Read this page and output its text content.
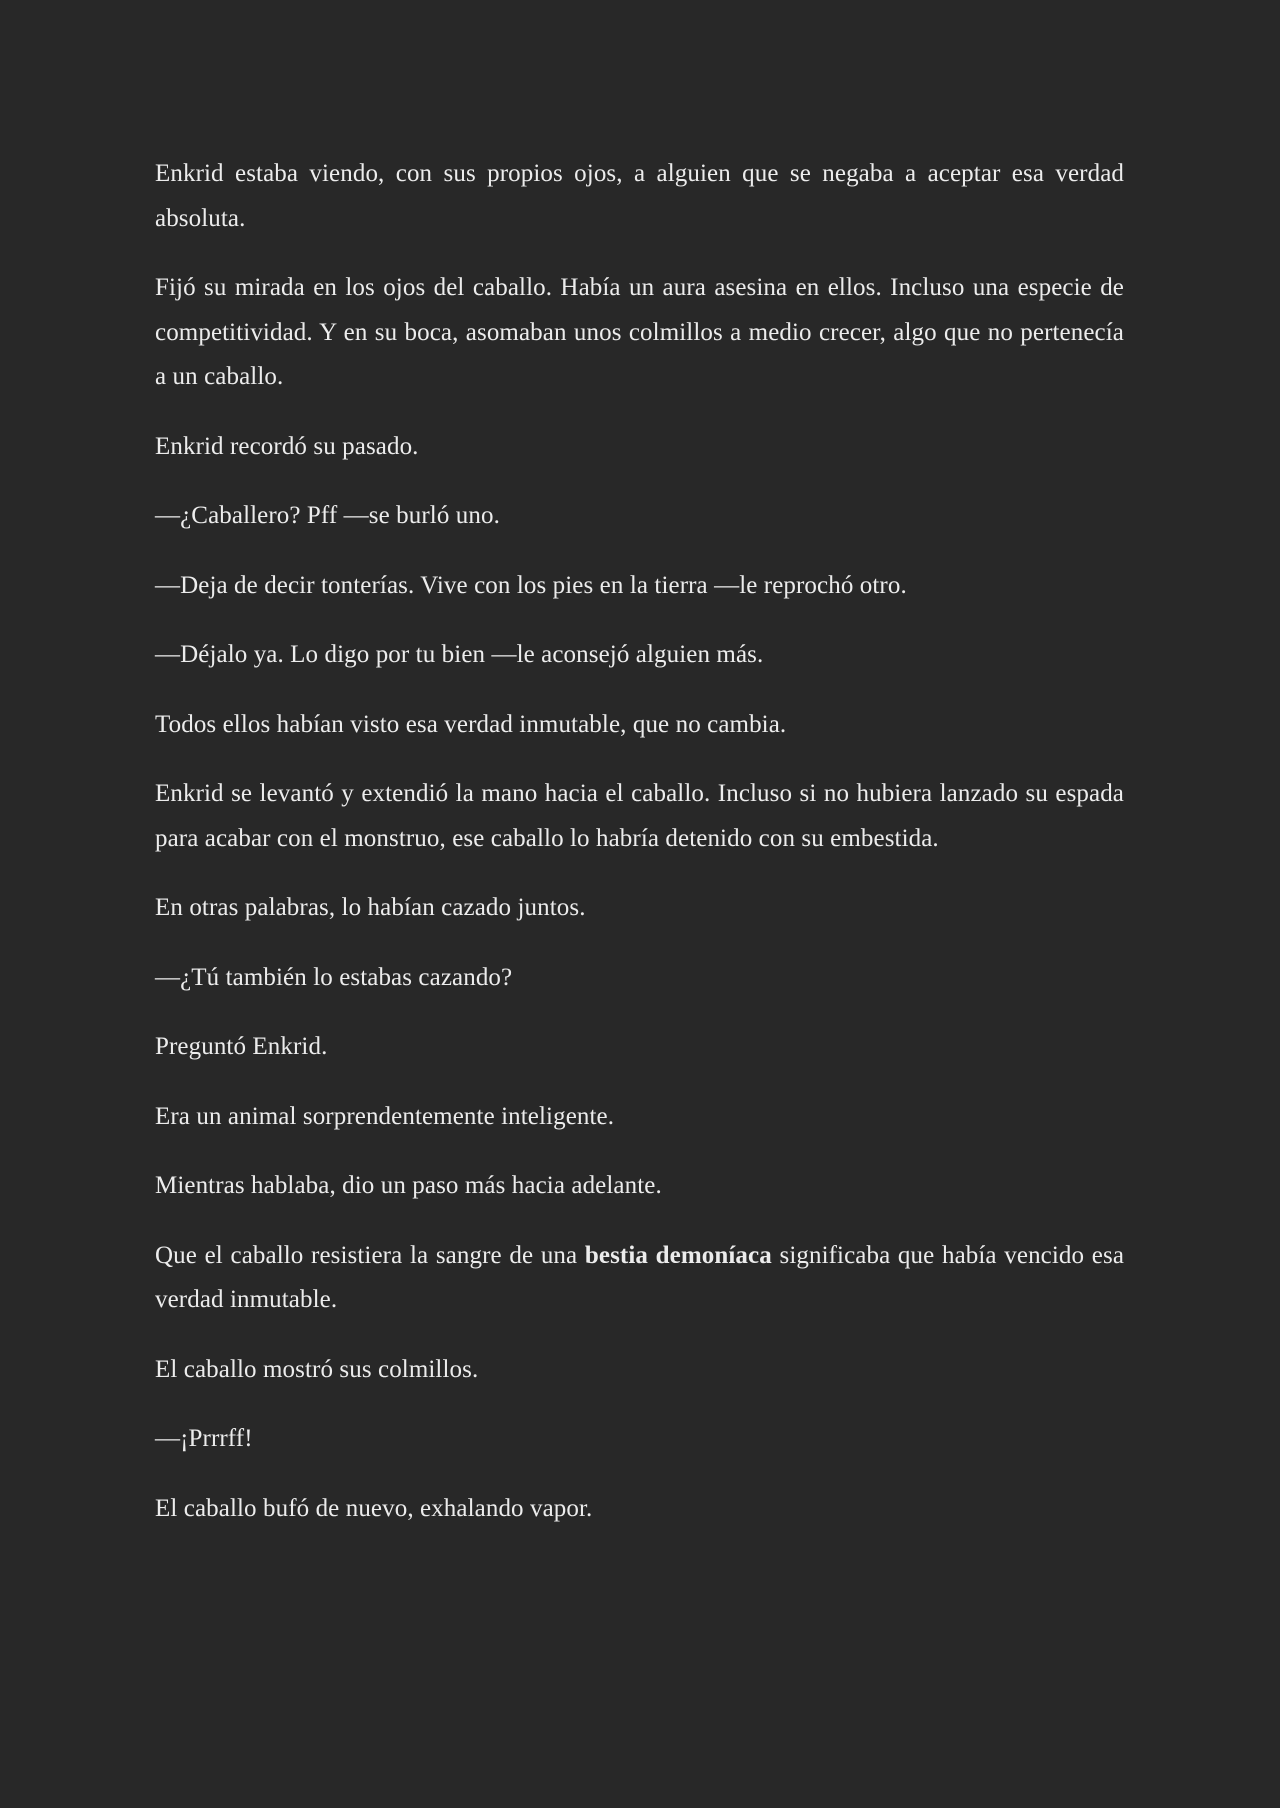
Enkrid estaba viendo, con sus propios ojos, a alguien que se negaba a aceptar esa verdad absoluta.

Fijó su mirada en los ojos del caballo. Había un aura asesina en ellos. Incluso una especie de competitividad. Y en su boca, asomaban unos colmillos a medio crecer, algo que no pertenecía a un caballo.

Enkrid recordó su pasado.

—¿Caballero? Pff —se burló uno.

—Deja de decir tonterías. Vive con los pies en la tierra —le reprochó otro.

—Déjalo ya. Lo digo por tu bien —le aconsejó alguien más.

Todos ellos habían visto esa verdad inmutable, que no cambia.

Enkrid se levantó y extendió la mano hacia el caballo. Incluso si no hubiera lanzado su espada para acabar con el monstruo, ese caballo lo habría detenido con su embestida.

En otras palabras, lo habían cazado juntos.

—¿Tú también lo estabas cazando?

Preguntó Enkrid.

Era un animal sorprendentemente inteligente.

Mientras hablaba, dio un paso más hacia adelante.

Que el caballo resistiera la sangre de una bestia demoníaca significaba que había vencido esa verdad inmutable.

El caballo mostró sus colmillos.

—¡Prrrff!

El caballo bufó de nuevo, exhalando vapor.
